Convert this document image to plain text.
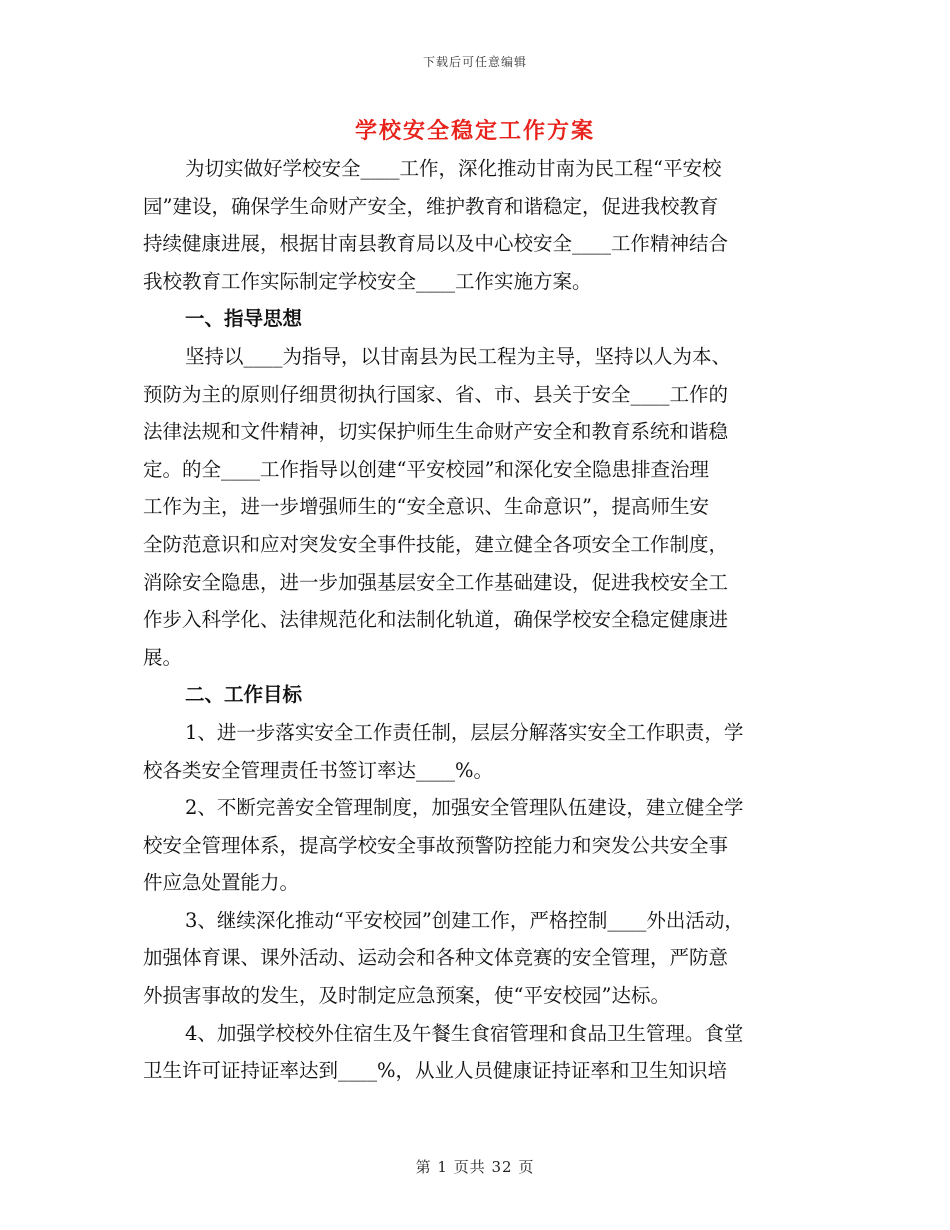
下载后可任意编辑
学校安全稳定工作方案
为切实做好学校安全____工作，深化推动甘南为民工程“平安校
园”建设，确保学生命财产安全，维护教育和谐稳定，促进我校教育
持续健康进展，根据甘南县教育局以及中心校安全____工作精神结合
我校教育工作实际制定学校安全____工作实施方案。
一、指导思想
坚持以____为指导，以甘南县为民工程为主导，坚持以人为本、
预防为主的原则仔细贯彻执行国家、省、市、县关于安全____工作的
法律法规和文件精神，切实保护师生生命财产安全和教育系统和谐稳
定。的全____工作指导以创建“平安校园”和深化安全隐患排查治理
工作为主，进一步增强师生的“安全意识、生命意识”，提高师生安
全防范意识和应对突发安全事件技能，建立健全各项安全工作制度，
消除安全隐患，进一步加强基层安全工作基础建设，促进我校安全工
作步入科学化、法律规范化和法制化轨道，确保学校安全稳定健康进
展。
二、工作目标
1、进一步落实安全工作责任制，层层分解落实安全工作职责，学
校各类安全管理责任书签订率达____%。
2、不断完善安全管理制度，加强安全管理队伍建设，建立健全学
校安全管理体系，提高学校安全事故预警防控能力和突发公共安全事
件应急处置能力。
3、继续深化推动“平安校园”创建工作，严格控制____外出活动，
加强体育课、课外活动、运动会和各种文体竞赛的安全管理，严防意
外损害事故的发生，及时制定应急预案，使“平安校园”达标。
4、加强学校校外住宿生及午餐生食宿管理和食品卫生管理。食堂
卫生许可证持证率达到____%，从业人员健康证持证率和卫生知识培
第 1 页共 32 页
